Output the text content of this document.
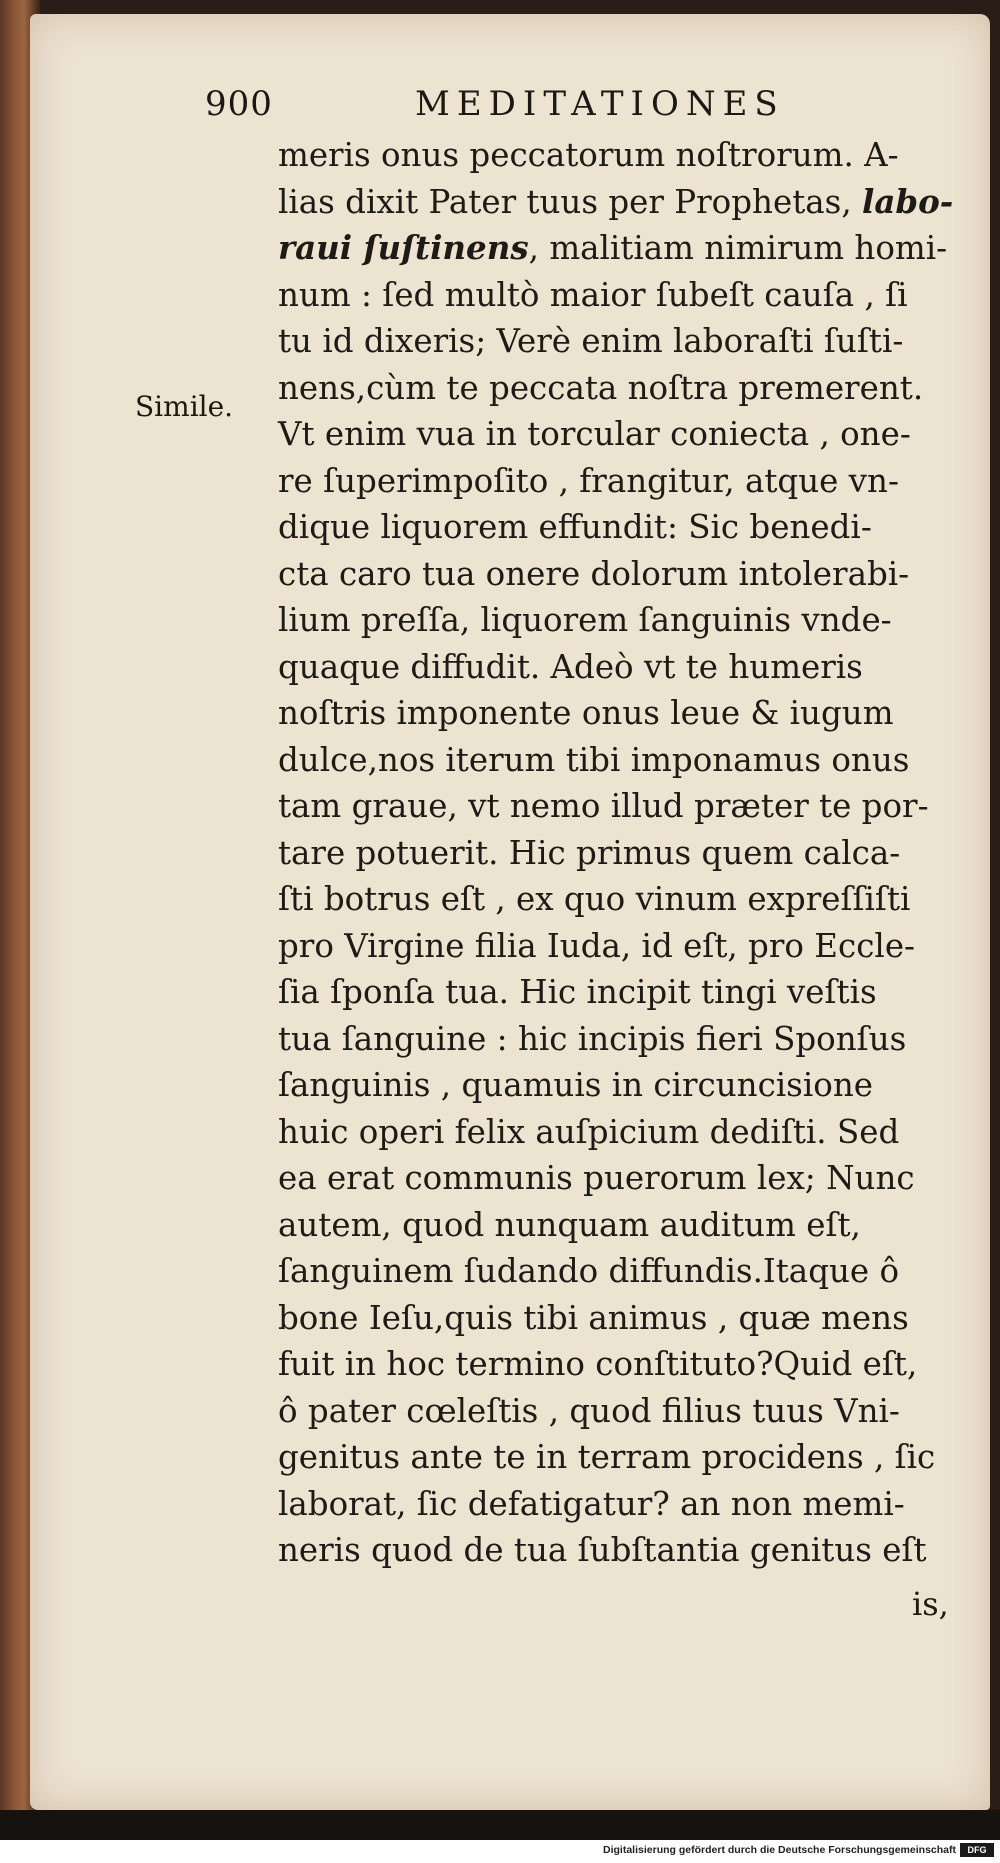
900	MEDITATIONES
Simile.
meris onus peccatorum noſtrorum. A-
lias dixit Pater tuus per Prophetas, labo-
raui ſuſtinens, malitiam nimirum homi-
num : ſed multò maior ſubeſt cauſa , ſi
tu id dixeris; Verè enim laboraſti ſuſti-
nens,cùm te peccata noſtra premerent.
Vt enim vua in torcular coniecta , one-
re ſuperimpoſito , frangitur, atque vn-
dique liquorem effundit: Sic benedi-
cta caro tua onere dolorum intolerabi-
lium preſſa, liquorem ſanguinis vnde-
quaque diffudit. Adeò vt te humeris
noſtris imponente onus leue & iugum
dulce,nos iterum tibi imponamus onus
tam graue, vt nemo illud præter te por-
tare potuerit. Hic primus quem calca-
ſti botrus eſt , ex quo vinum expreſſiſti
pro Virgine filia Iuda, id eſt, pro Eccle-
ſia ſponſa tua. Hic incipit tingi veſtis
tua ſanguine : hic incipis fieri Sponſus
ſanguinis , quamuis in circuncisione
huic operi felix auſpicium dediſti. Sed
ea erat communis puerorum lex; Nunc
autem, quod nunquam auditum eſt,
ſanguinem ſudando diffundis.Itaque ô
bone Ieſu,quis tibi animus , quæ mens
fuit in hoc termino conſtituto?Quid eſt,
ô pater cœleſtis , quod filius tuus Vni-
genitus ante te in terram procidens , ſic
laborat, ſic defatigatur? an non memi-
neris quod de tua ſubſtantia genitus eſt
is,
Digitalisierung gefördert durch die Deutsche Forschungsgemeinschaft	DFG
